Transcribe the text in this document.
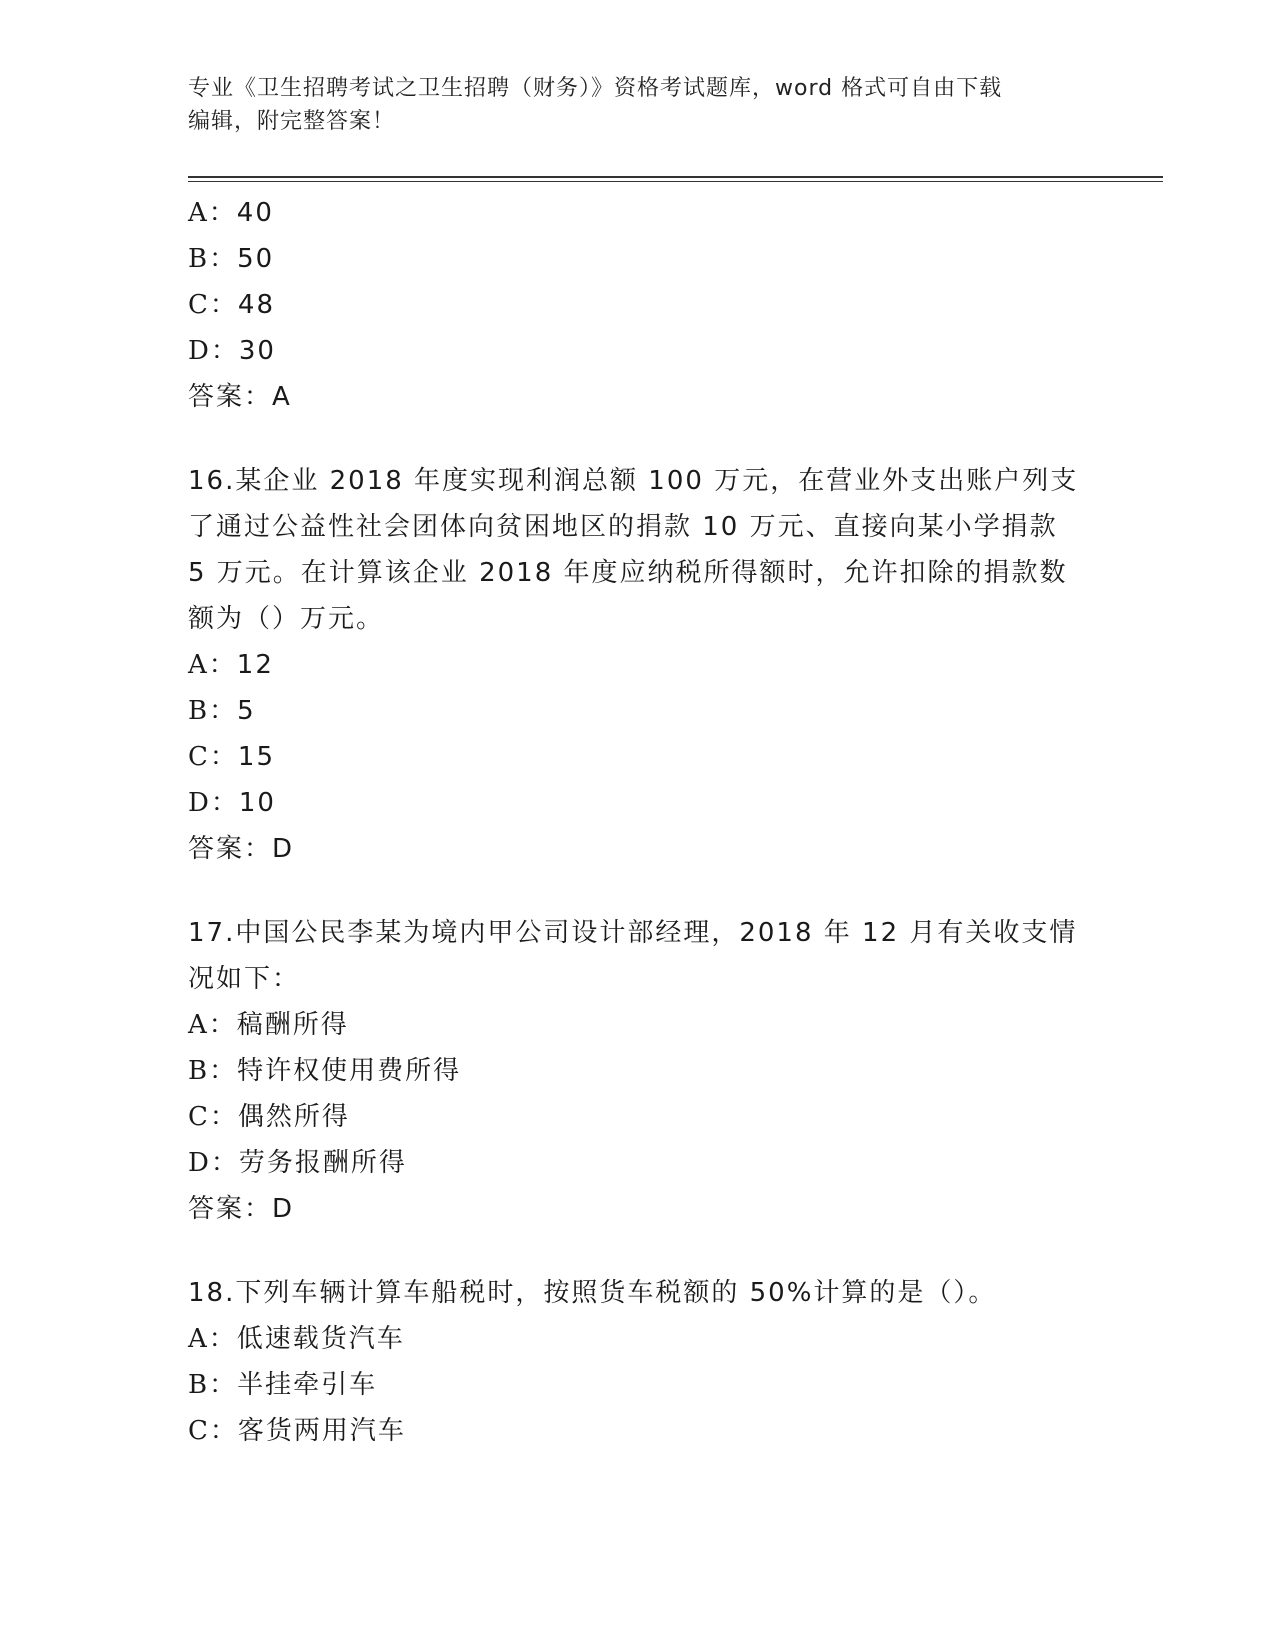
专业《卫生招聘考试之卫生招聘（财务）》资格考试题库，word 格式可自由下载
编辑，附完整答案！
A：40
B：50
C：48
D：30
答案：A
16.某企业 2018 年度实现利润总额 100 万元，在营业外支出账户列支
了通过公益性社会团体向贫困地区的捐款 10 万元、直接向某小学捐款
5 万元。在计算该企业 2018 年度应纳税所得额时，允许扣除的捐款数
额为（）万元。
A：12
B：5
C：15
D：10
答案：D
17.中国公民李某为境内甲公司设计部经理，2018 年 12 月有关收支情
况如下：
A：稿酬所得
B：特许权使用费所得
C：偶然所得
D：劳务报酬所得
答案：D
18.下列车辆计算车船税时，按照货车税额的 50%计算的是（）。
A：低速载货汽车
B：半挂牵引车
C：客货两用汽车
